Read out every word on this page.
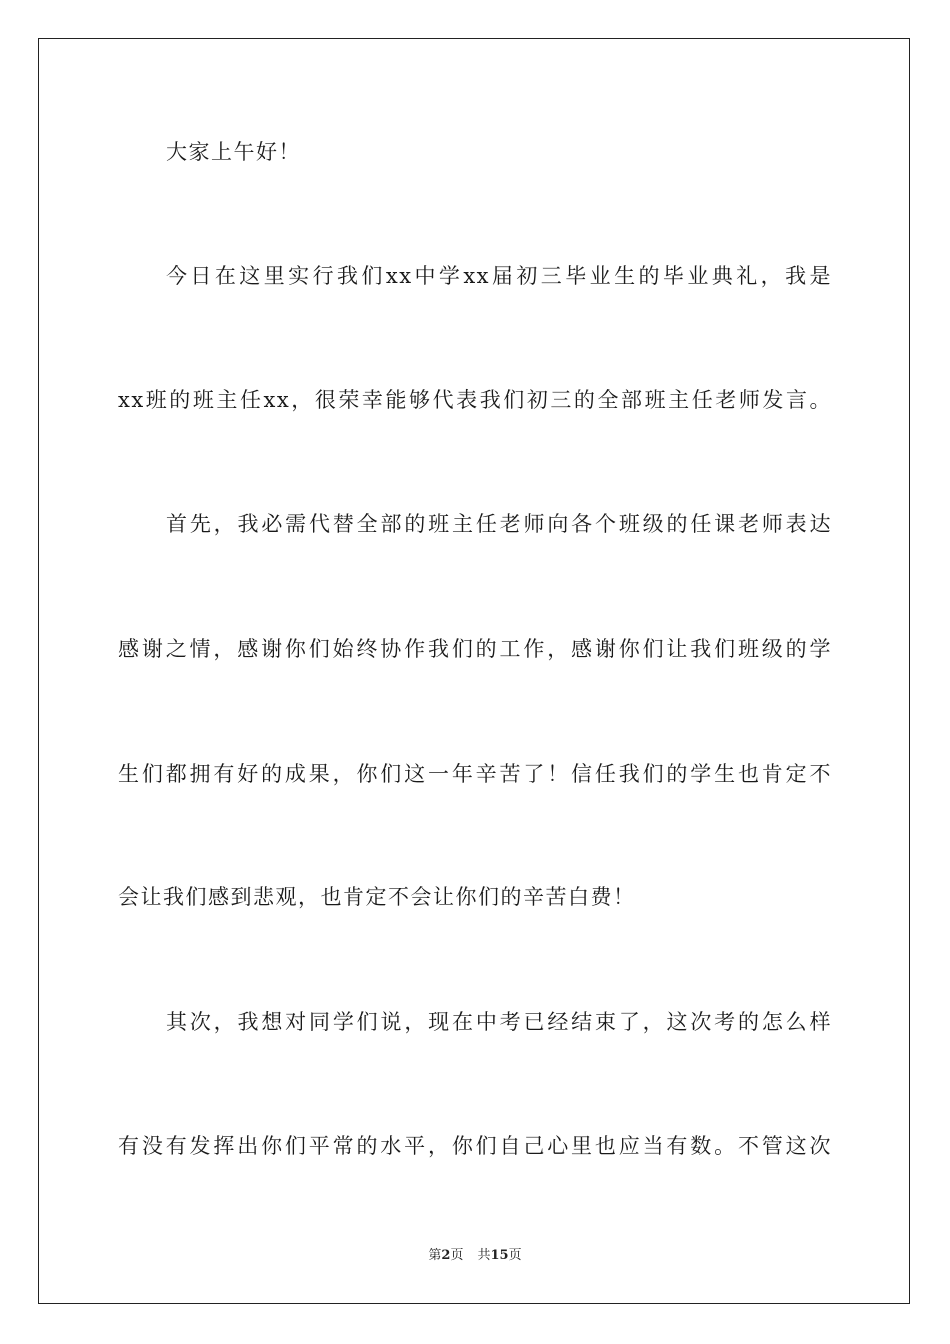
大家上午好！
今日在这里实行我们xx中学xx届初三毕业生的毕业典礼，我是
xx班的班主任xx，很荣幸能够代表我们初三的全部班主任老师发言。
首先，我必需代替全部的班主任老师向各个班级的任课老师表达
感谢之情，感谢你们始终协作我们的工作，感谢你们让我们班级的学
生们都拥有好的成果，你们这一年辛苦了！信任我们的学生也肯定不
会让我们感到悲观，也肯定不会让你们的辛苦白费！
其次，我想对同学们说，现在中考已经结束了，这次考的怎么样
有没有发挥出你们平常的水平，你们自己心里也应当有数。不管这次
第2页 共15页
